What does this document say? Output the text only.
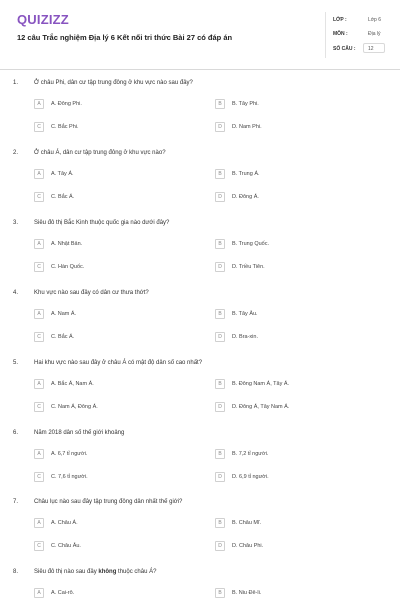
QUIZIZZ
12 câu Trắc nghiệm Địa lý 6 Kết nối tri thức Bài 27 có đáp án
LỚP :	Lớp 6
MÔN :	Địa lý
SỐ CÂU :	12
1.	Ở châu Phi, dân cư tập trung đông ở khu vực nào sau đây?
A	A. Đông Phi.	B	B. Tây Phi.
C	C. Bắc Phi.	D	D. Nam Phi.
2.	Ở châu Á, dân cư tập trung đông ở khu vực nào?
A	A. Tây Á.	B	B. Trung Á.
C	C. Bắc Á.	D	D. Đông Á.
3.	Siêu đô thị Bắc Kinh thuộc quốc gia nào dưới đây?
A	A. Nhật Bản.	B	B. Trung Quốc.
C	C. Hàn Quốc.	D	D. Triều Tiên.
4.	Khu vực nào sau đây có dân cư thưa thớt?
A	A. Nam Á.	B	B. Tây Âu.
C	C. Bắc Á.	D	D. Bra-xin.
5.	Hai khu vực nào sau đây ở châu Á có mật độ dân số cao nhất?
A	A. Bắc Á, Nam Á.	B	B. Đông Nam Á, Tây Á.
C	C. Nam Á, Đông Á.	D	D. Đông Á, Tây Nam Á.
6.	Năm 2018 dân số thế giới khoảng
A	A. 6,7 tỉ người.	B	B. 7,2 tỉ người.
C	C. 7,6 tỉ người.	D	D. 6,9 tỉ người.
7.	Châu lục nào sau đây tập trung đông dân nhất thế giới?
A	A. Châu Á.	B	B. Châu Mĩ.
C	C. Châu Âu.	D	D. Châu Phi.
8.	Siêu đô thị nào sau đây không thuộc châu Á?
A	A. Cai-rô.	B	B. Niu Đê-li.
